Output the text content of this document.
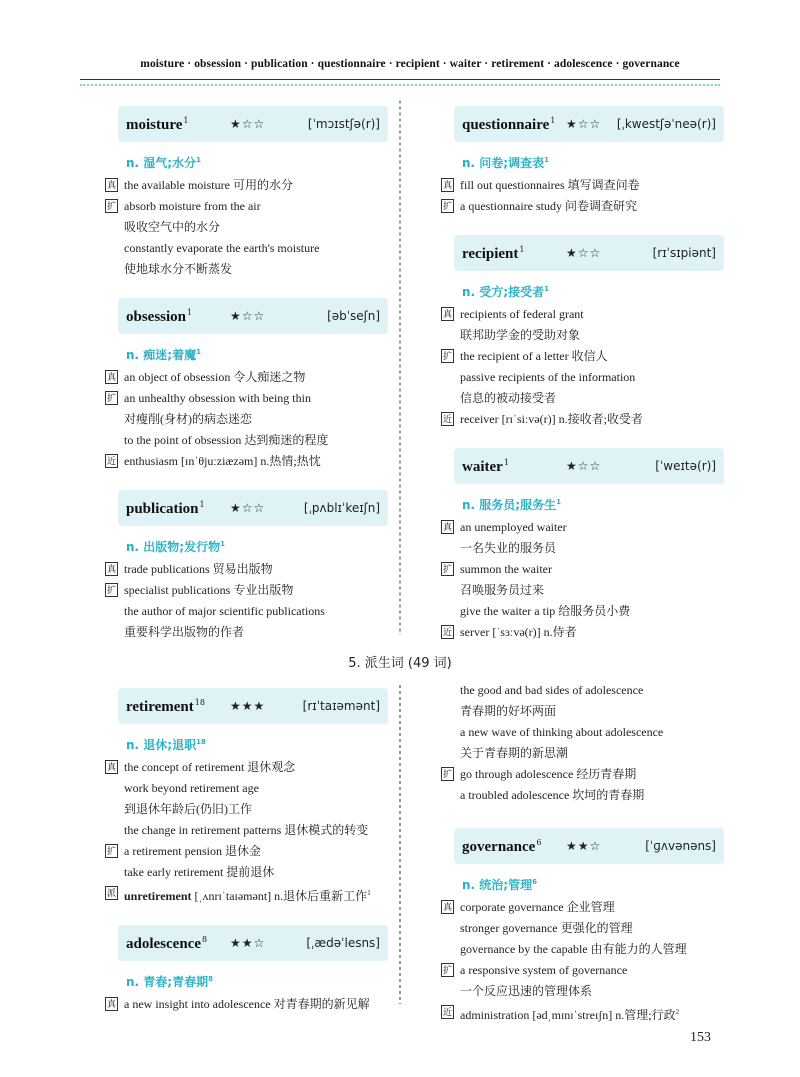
moisture · obsession · publication · questionnaire · recipient · waiter · retirement · adolescence · governance
moisture$^1$	★☆☆	[ˈmɔɪstʃə(r)]
n. 湿气;水分$^1$
真 the available moisture 可用的水分
扩 absorb moisture from the air
吸收空气中的水分
constantly evaporate the earth's moisture
使地球水分不断蒸发
obsession$^1$	★☆☆	[əbˈseʃn]
n. 痴迷;着魔$^1$
真 an object of obsession 令人痴迷之物
扩 an unhealthy obsession with being thin
对瘦削(身材)的病态迷恋
to the point of obsession 达到痴迷的程度
近 enthusiasm [ɪnˈθjuːziæzəm] n.热情;热忱
publication$^1$ ★☆☆	[ˌpʌblɪˈkeɪʃn]
n. 出版物;发行物$^1$
真 trade publications 贸易出版物
扩 specialist publications 专业出版物
the author of major scientific publications
重要科学出版物的作者
questionnaire$^1$ ★☆☆ [ˌkwestʃəˈneə(r)]
n. 问卷;调查表$^1$
真 fill out questionnaires 填写调查问卷
扩 a questionnaire study 问卷调查研究
recipient$^1$	★☆☆	[rɪˈsɪpiənt]
n. 受方;接受者$^1$
真 recipients of federal grant
联邦助学金的受助对象
扩 the recipient of a letter 收信人
passive recipients of the information
信息的被动接受者
近 receiver [rɪˈsiːvə(r)] n.接收者;收受者
waiter$^1$	★☆☆	[ˈweɪtə(r)]
n. 服务员;服务生$^1$
真 an unemployed waiter
一名失业的服务员
扩 summon the waiter
召唤服务员过来
give the waiter a tip 给服务员小费
近 server [ˈsɜːvə(r)] n.侍者
5. 派生词 (49 词)
retirement$^{18}$ ★★★	[rɪˈtaɪəmənt]
n. 退休;退职$^{18}$
真 the concept of retirement 退休观念
work beyond retirement age
到退休年龄后(仍旧)工作
the change in retirement patterns 退休模式的转变
扩 a retirement pension 退休金
take early retirement 提前退休
派 unretirement [ˌʌnrɪˈtaɪəmənt] n.退休后重新工作$^1$
adolescence$^8$ ★★☆	[ˌædəˈlesns]
n. 青春;青春期$^8$
真 a new insight into adolescence 对青春期的新见解
the good and bad sides of adolescence
青春期的好坏两面
a new wave of thinking about adolescence
关于青春期的新思潮
扩 go through adolescence 经历青春期
a troubled adolescence 坎坷的青春期
governance$^6$ ★★☆	[ˈɡʌvənəns]
n. 统治;管理$^6$
真 corporate governance 企业管理
stronger governance 更强化的管理
governance by the capable 由有能力的人管理
扩 a responsive system of governance
一个反应迅速的管理体系
近 administration [ədˌmɪnɪˈstreɪʃn] n.管理;行政$^2$
153
